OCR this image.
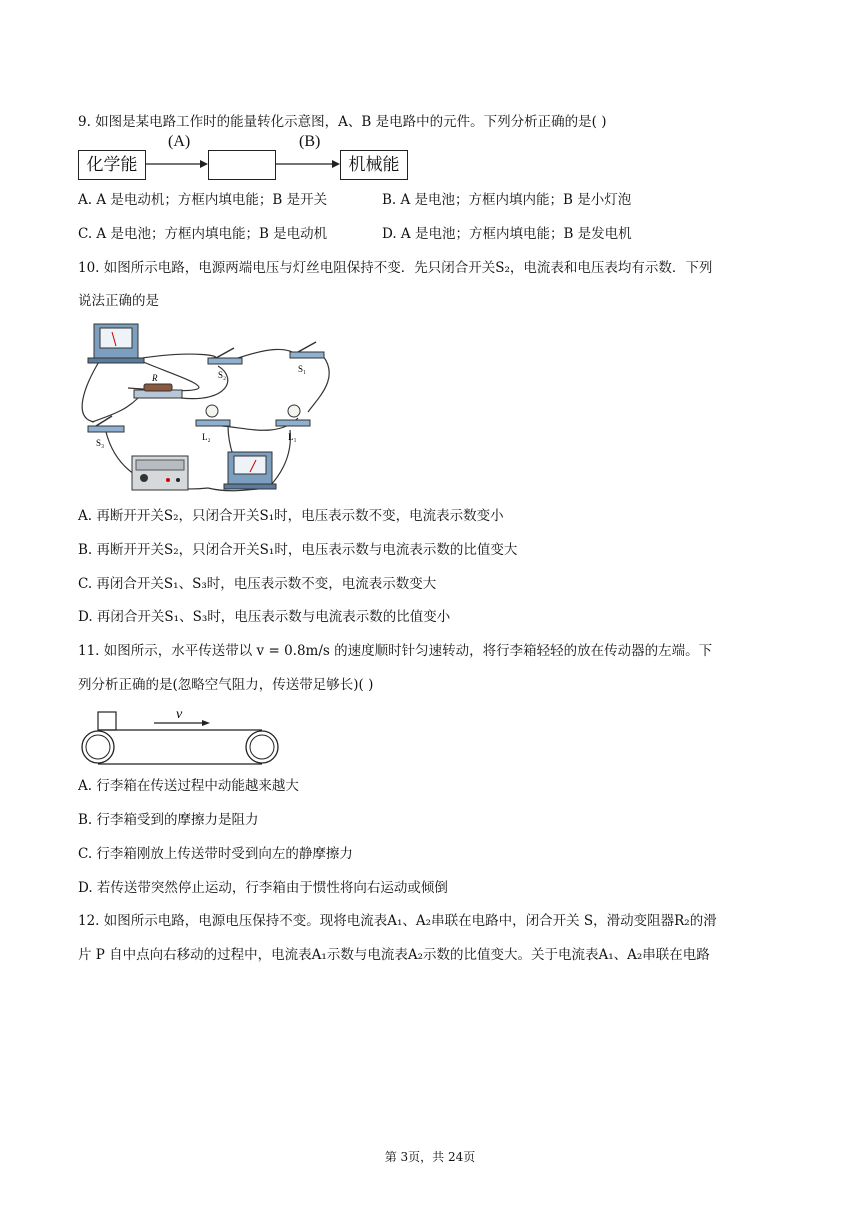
9. 如图是某电路工作时的能量转化示意图，A、B 是电路中的元件。下列分析正确的是( )
化学能
(A)	(B)
机械能
A. A 是电动机；方框内填电能；B 是开关	B. A 是电池；方框内填内能；B 是小灯泡
C. A 是电池；方框内填电能；B 是电动机	D. A 是电池；方框内填电能；B 是发电机
10. 如图所示电路，电源两端电压与灯丝电阻保持不变．先只闭合开关S₂，电流表和电压表均有示数．下列
说法正确的是
R	S₂
S₁
S₃
L₂	L₁
A. 再断开开关S₂，只闭合开关S₁时，电压表示数不变，电流表示数变小
B. 再断开开关S₂，只闭合开关S₁时，电压表示数与电流表示数的比值变大
C. 再闭合开关S₁、S₃时，电压表示数不变，电流表示数变大
D. 再闭合开关S₁、S₃时，电压表示数与电流表示数的比值变小
11. 如图所示，水平传送带以 v = 0.8m/s 的速度顺时针匀速转动，将行李箱轻轻的放在传动器的左端。下
列分析正确的是(忽略空气阻力，传送带足够长)( )
v
A. 行李箱在传送过程中动能越来越大
B. 行李箱受到的摩擦力是阻力
C. 行李箱刚放上传送带时受到向左的静摩擦力
D. 若传送带突然停止运动，行李箱由于惯性将向右运动或倾倒
12. 如图所示电路，电源电压保持不变。现将电流表A₁、A₂串联在电路中，闭合开关 S，滑动变阻器R₂的滑
片 P 自中点向右移动的过程中，电流表A₁示数与电流表A₂示数的比值变大。关于电流表A₁、A₂串联在电路
第 3页，共 24页
